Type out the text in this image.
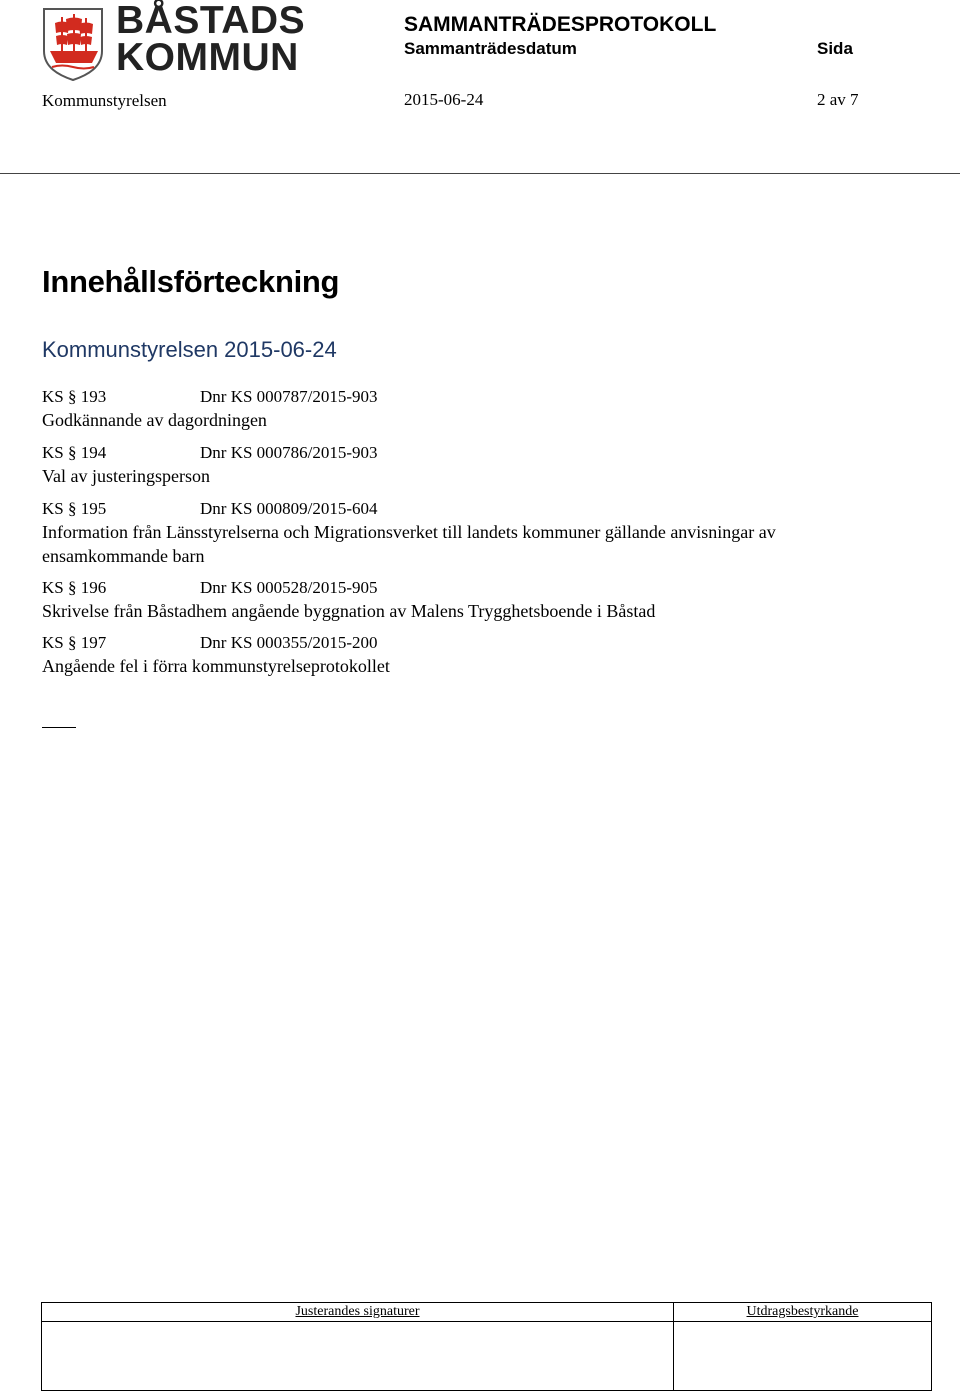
BÅSTADS
KOMMUN
SAMMANTRÄDESPROTOKOLL
Sammanträdesdatum	Sida
Kommunstyrelsen	2015-06-24	2 av 7
Innehållsförteckning
Kommunstyrelsen 2015-06-24
KS § 193	Dnr KS 000787/2015-903
Godkännande av dagordningen
KS § 194	Dnr KS 000786/2015-903
Val av justeringsperson
KS § 195	Dnr KS 000809/2015-604
Information från Länsstyrelserna och Migrationsverket till landets kommuner gällande anvisningar av ensamkommande barn
KS § 196	Dnr KS 000528/2015-905
Skrivelse från Båstadhem angående byggnation av Malens Trygghetsboende i Båstad
KS § 197	Dnr KS 000355/2015-200
Angående fel i förra kommunstyrelseprotokollet
Justerandes signaturer	Utdragsbestyrkande
